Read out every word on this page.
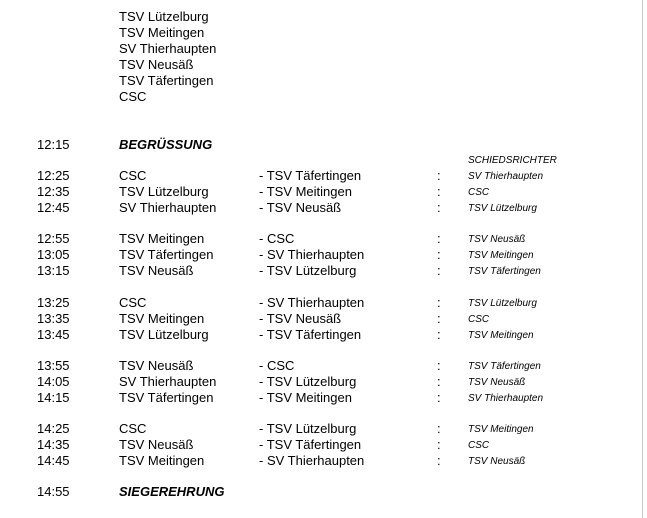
TSV Lützelburg
TSV Meitingen
SV Thierhaupten
TSV Neusäß
TSV Täfertingen
CSC
12:15	BEGRÜSSUNG
SCHIEDSRICHTER
12:25	CSC	- TSV Täfertingen	:	SV Thierhaupten
12:35	TSV Lützelburg	- TSV Meitingen	:	CSC
12:45	SV Thierhaupten	- TSV Neusäß	:	TSV Lützelburg
12:55	TSV Meitingen	- CSC	:	TSV Neusäß
13:05	TSV Täfertingen	- SV Thierhaupten	:	TSV Meitingen
13:15	TSV Neusäß	- TSV Lützelburg	:	TSV Täfertingen
13:25	CSC	- SV Thierhaupten	:	TSV Lützelburg
13:35	TSV Meitingen	- TSV Neusäß	:	CSC
13:45	TSV Lützelburg	- TSV Täfertingen	:	TSV Meitingen
13:55	TSV Neusäß	- CSC	:	TSV Täfertingen
14:05	SV Thierhaupten	- TSV Lützelburg	:	TSV Neusäß
14:15	TSV Täfertingen	- TSV Meitingen	:	SV Thierhaupten
14:25	CSC	- TSV Lützelburg	:	TSV Meitingen
14:35	TSV Neusäß	- TSV Täfertingen	:	CSC
14:45	TSV Meitingen	- SV Thierhaupten	:	TSV Neusäß
14:55	SIEGEREHRUNG
